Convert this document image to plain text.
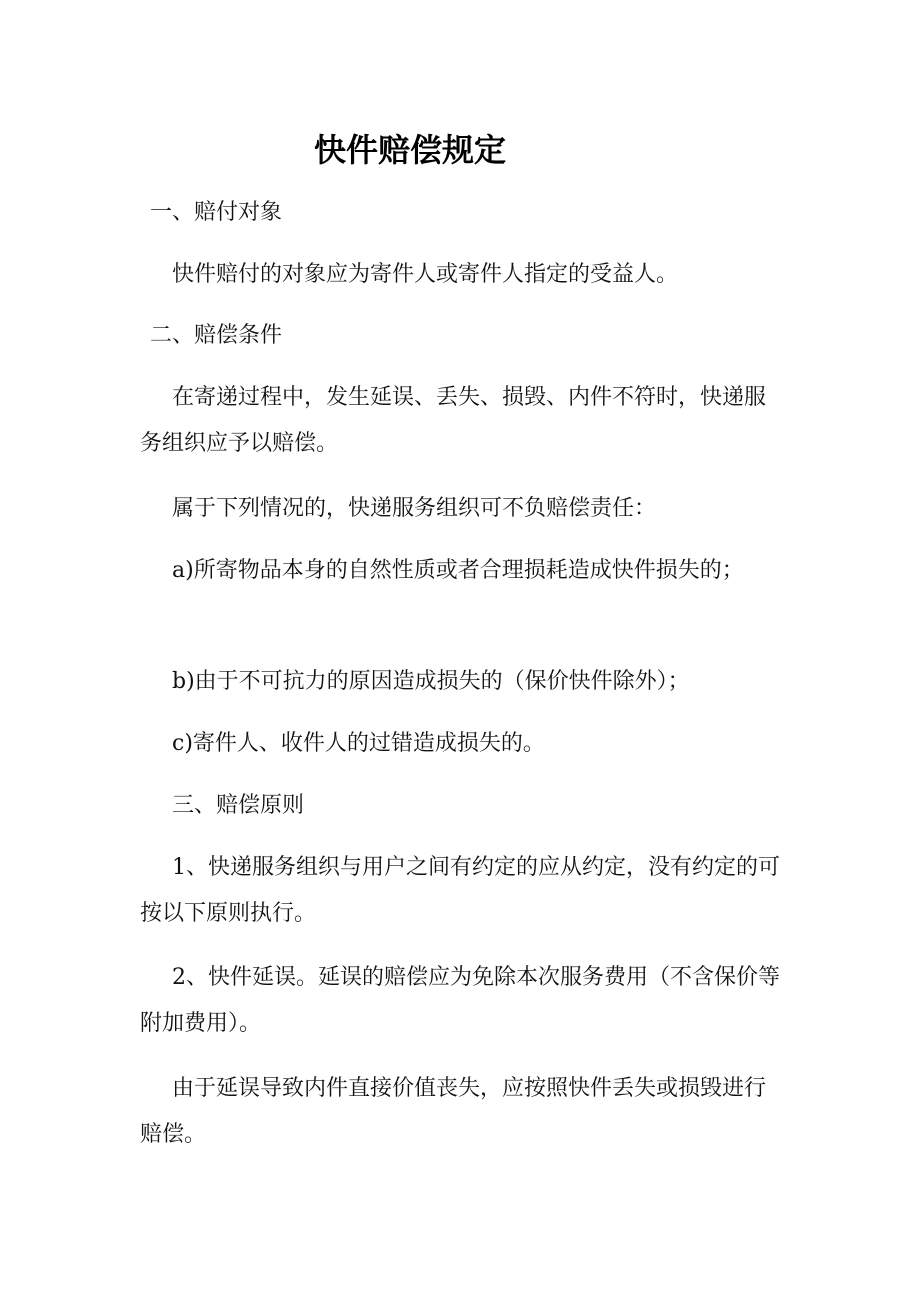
快件赔偿规定
一、赔付对象
快件赔付的对象应为寄件人或寄件人指定的受益人。
二、赔偿条件
在寄递过程中，发生延误、丢失、损毁、内件不符时，快递服务组织应予以赔偿。
属于下列情况的，快递服务组织可不负赔偿责任：
a)所寄物品本身的自然性质或者合理损耗造成快件损失的；
b)由于不可抗力的原因造成损失的（保价快件除外）；
c)寄件人、收件人的过错造成损失的。
三、赔偿原则
1、快递服务组织与用户之间有约定的应从约定，没有约定的可按以下原则执行。
2、快件延误。延误的赔偿应为免除本次服务费用（不含保价等附加费用）。
由于延误导致内件直接价值丧失，应按照快件丢失或损毁进行赔偿。
